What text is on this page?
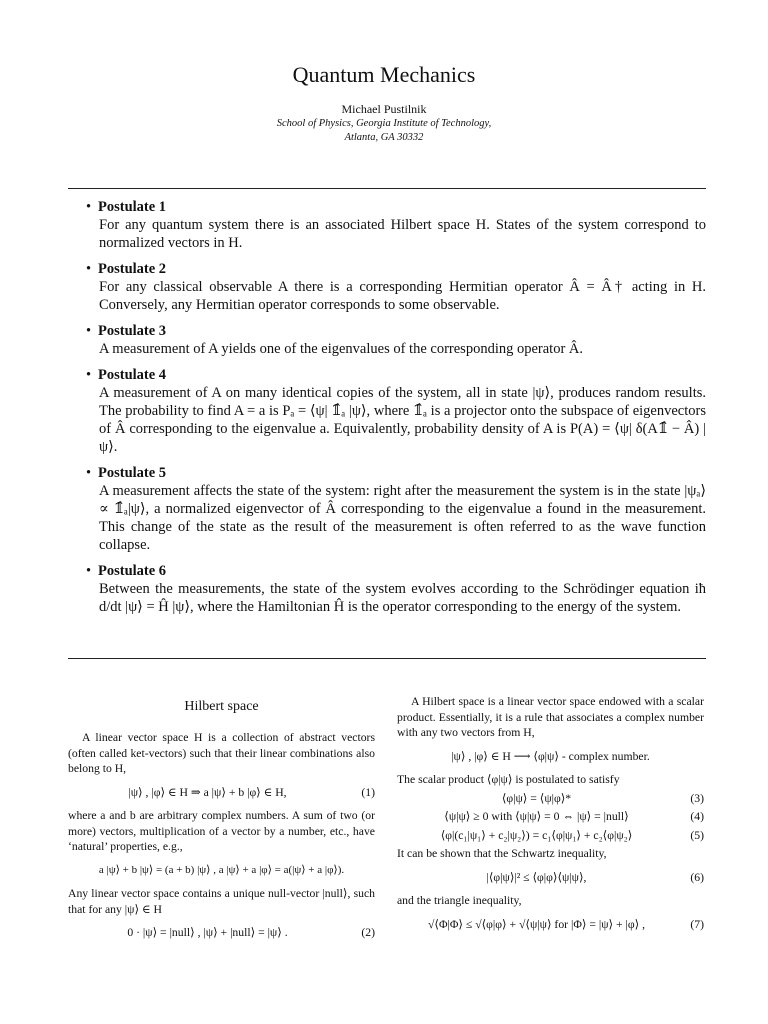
Quantum Mechanics
Michael Pustilnik
School of Physics, Georgia Institute of Technology,
Atlanta, GA 30332
• Postulate 1
For any quantum system there is an associated Hilbert space H. States of the system correspond to normalized vectors in H.
• Postulate 2
For any classical observable A there is a corresponding Hermitian operator Â = Â† acting in H. Conversely, any Hermitian operator corresponds to some observable.
• Postulate 3
A measurement of A yields one of the eigenvalues of the corresponding operator Â.
• Postulate 4
A measurement of A on many identical copies of the system, all in state |ψ⟩, produces random results. The probability to find A = a is Pₐ = ⟨ψ| 𝟙̂ₐ |ψ⟩, where 𝟙̂ₐ is a projector onto the subspace of eigenvectors of Â corresponding to the eigenvalue a. Equivalently, probability density of A is P(A) = ⟨ψ| δ(A𝟙̂ − Â) |ψ⟩.
• Postulate 5
A measurement affects the state of the system: right after the measurement the system is in the state |ψₐ⟩ ∝ 𝟙̂ₐ|ψ⟩, a normalized eigenvector of Â corresponding to the eigenvalue a found in the measurement. This change of the state as the result of the measurement is often referred to as the wave function collapse.
• Postulate 6
Between the measurements, the state of the system evolves according to the Schrödinger equation iħ d/dt |ψ⟩ = Ĥ |ψ⟩, where the Hamiltonian Ĥ is the operator corresponding to the energy of the system.
Hilbert space

A linear vector space H is a collection of abstract vectors (often called ket-vectors) such that their linear combinations also belong to H,

|ψ⟩ , |φ⟩ ∈ H ⇒ a |ψ⟩ + b |φ⟩ ∈ H,	(1)

where a and b are arbitrary complex numbers. A sum of two (or more) vectors, multiplication of a vector by a number, etc., have ‘natural’ properties, e.g.,

a |ψ⟩ + b |ψ⟩ = (a + b) |ψ⟩ , a |ψ⟩ + a |φ⟩ = a(|ψ⟩ + a |φ⟩).

Any linear vector space contains a unique null-vector |null⟩, such that for any |ψ⟩ ∈ H

0 · |ψ⟩ = |null⟩ , |ψ⟩ + |null⟩ = |ψ⟩ .	(2)

A Hilbert space is a linear vector space endowed with a scalar product. Essentially, it is a rule that associates a complex number with any two vectors from H,

|ψ⟩ , |φ⟩ ∈ H ⟶ ⟨φ|ψ⟩ - complex number.

The scalar product ⟨φ|ψ⟩ is postulated to satisfy

⟨φ|ψ⟩ = ⟨ψ|φ⟩*	(3)
⟨ψ|ψ⟩ ≥ 0 with ⟨ψ|ψ⟩ = 0 ⇔ |ψ⟩ = |null⟩	(4)
⟨φ|(c₁|ψ₁⟩ + c₂|ψ₂⟩) = c₁⟨φ|ψ₁⟩ + c₂⟨φ|ψ₂⟩	(5)

It can be shown that the Schwartz inequality,

|⟨φ|ψ⟩|² ≤ ⟨φ|φ⟩⟨ψ|ψ⟩,	(6)

and the triangle inequality,

√⟨Φ|Φ⟩ ≤ √⟨φ|φ⟩ + √⟨ψ|ψ⟩ for |Φ⟩ = |ψ⟩ + |φ⟩ ,	(7)
